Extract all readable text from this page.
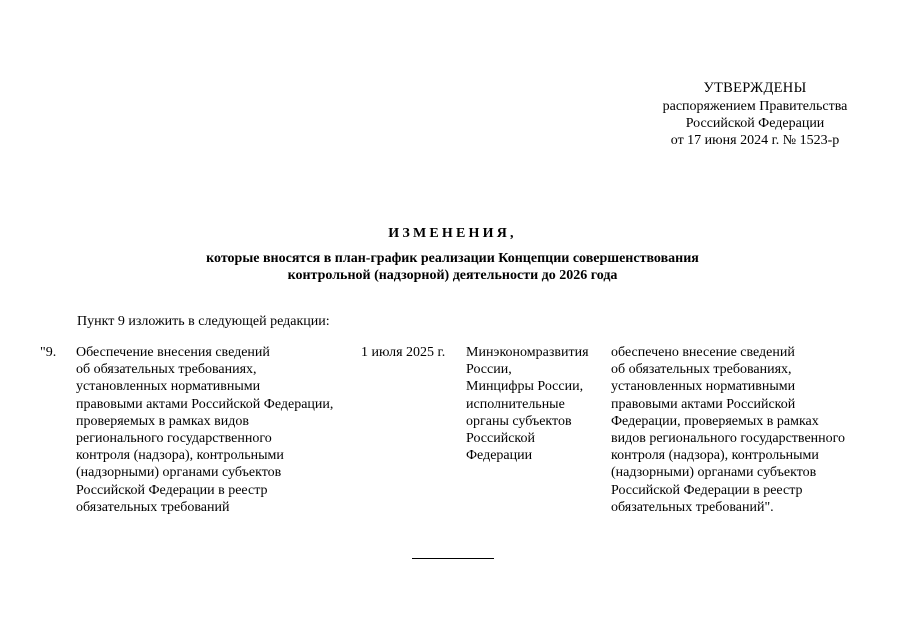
УТВЕРЖДЕНЫ
распоряжением Правительства
Российской Федерации
от 17 июня 2024 г. № 1523-р
ИЗМЕНЕНИЯ,
которые вносятся в план-график реализации Концепции совершенствования
контрольной (надзорной) деятельности до 2026 года
Пункт 9 изложить в следующей редакции:
"9. Обеспечение внесения сведений
об обязательных требованиях,
установленных нормативными
правовыми актами Российской Федерации,
проверяемых в рамках видов
регионального государственного
контроля (надзора), контрольными
(надзорными) органами субъектов
Российской Федерации в реестр
обязательных требований
1 июля 2025 г. Минэкономразвития
России,
Минцифры России,
исполнительные
органы субъектов
Российской
Федерации
обеспечено внесение сведений
об обязательных требованиях,
установленных нормативными
правовыми актами Российской
Федерации, проверяемых в рамках
видов регионального государственного
контроля (надзора), контрольными
(надзорными) органами субъектов
Российской Федерации в реестр
обязательных требований".
